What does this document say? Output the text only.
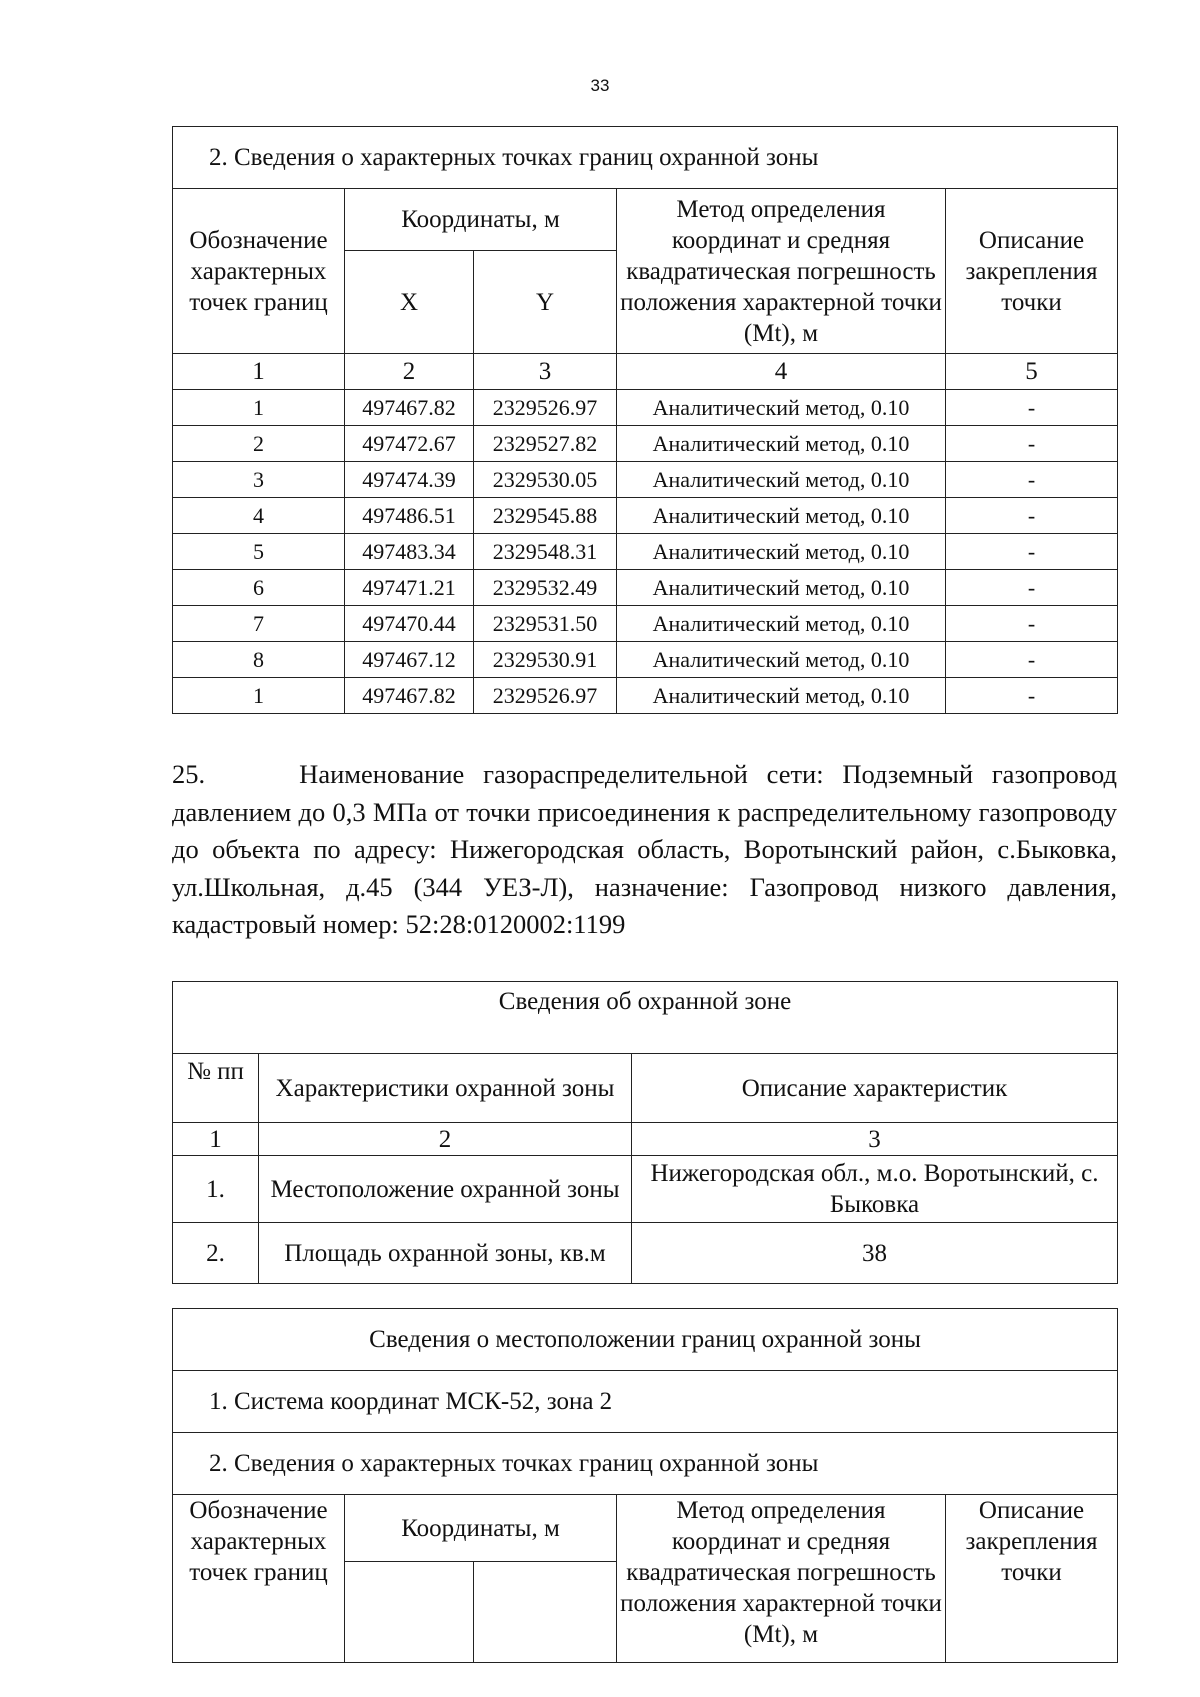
33
2. Сведения о характерных точках границ охранной зоны				
Обозначение характерных точек границ	Координаты, м		Метод определения координат и средняя квадратическая погрешность положения характерной точки (Mt), м	Описание закрепления точки
	X	Y		
1	2	3	4	5
1	497467.82	2329526.97	Аналитический метод, 0.10	-
2	497472.67	2329527.82	Аналитический метод, 0.10	-
3	497474.39	2329530.05	Аналитический метод, 0.10	-
4	497486.51	2329545.88	Аналитический метод, 0.10	-
5	497483.34	2329548.31	Аналитический метод, 0.10	-
6	497471.21	2329532.49	Аналитический метод, 0.10	-
7	497470.44	2329531.50	Аналитический метод, 0.10	-
8	497467.12	2329530.91	Аналитический метод, 0.10	-
1	497467.82	2329526.97	Аналитический метод, 0.10	-

25.     Наименование газораспределительной сети: Подземный газопровод давлением до 0,3 МПа от точки присоединения к распределительному газопроводу до объекта по адресу: Нижегородская область, Воротынский район, с.Быковка, ул.Школьная, д.45 (344 УЕЗ-Л), назначение: Газопровод низкого давления, кадастровый номер: 52:28:0120002:1199

Сведения об охранной зоне		
№ пп	Характеристики охранной зоны	Описание характеристик
1	2	3
1.	Местоположение охранной зоны	Нижегородская обл., м.о. Воротынский, с. Быковка
2.	Площадь охранной зоны, кв.м	38
Сведения о местоположении границ охранной зоны				
1. Система координат МСК-52, зона 2				
2. Сведения о характерных точках границ охранной зоны				
Обозначение характерных точек границ	Координаты, м		Метод определения координат и средняя квадратическая погрешность положения характерной точки (Mt), м	Описание закрепления точки
